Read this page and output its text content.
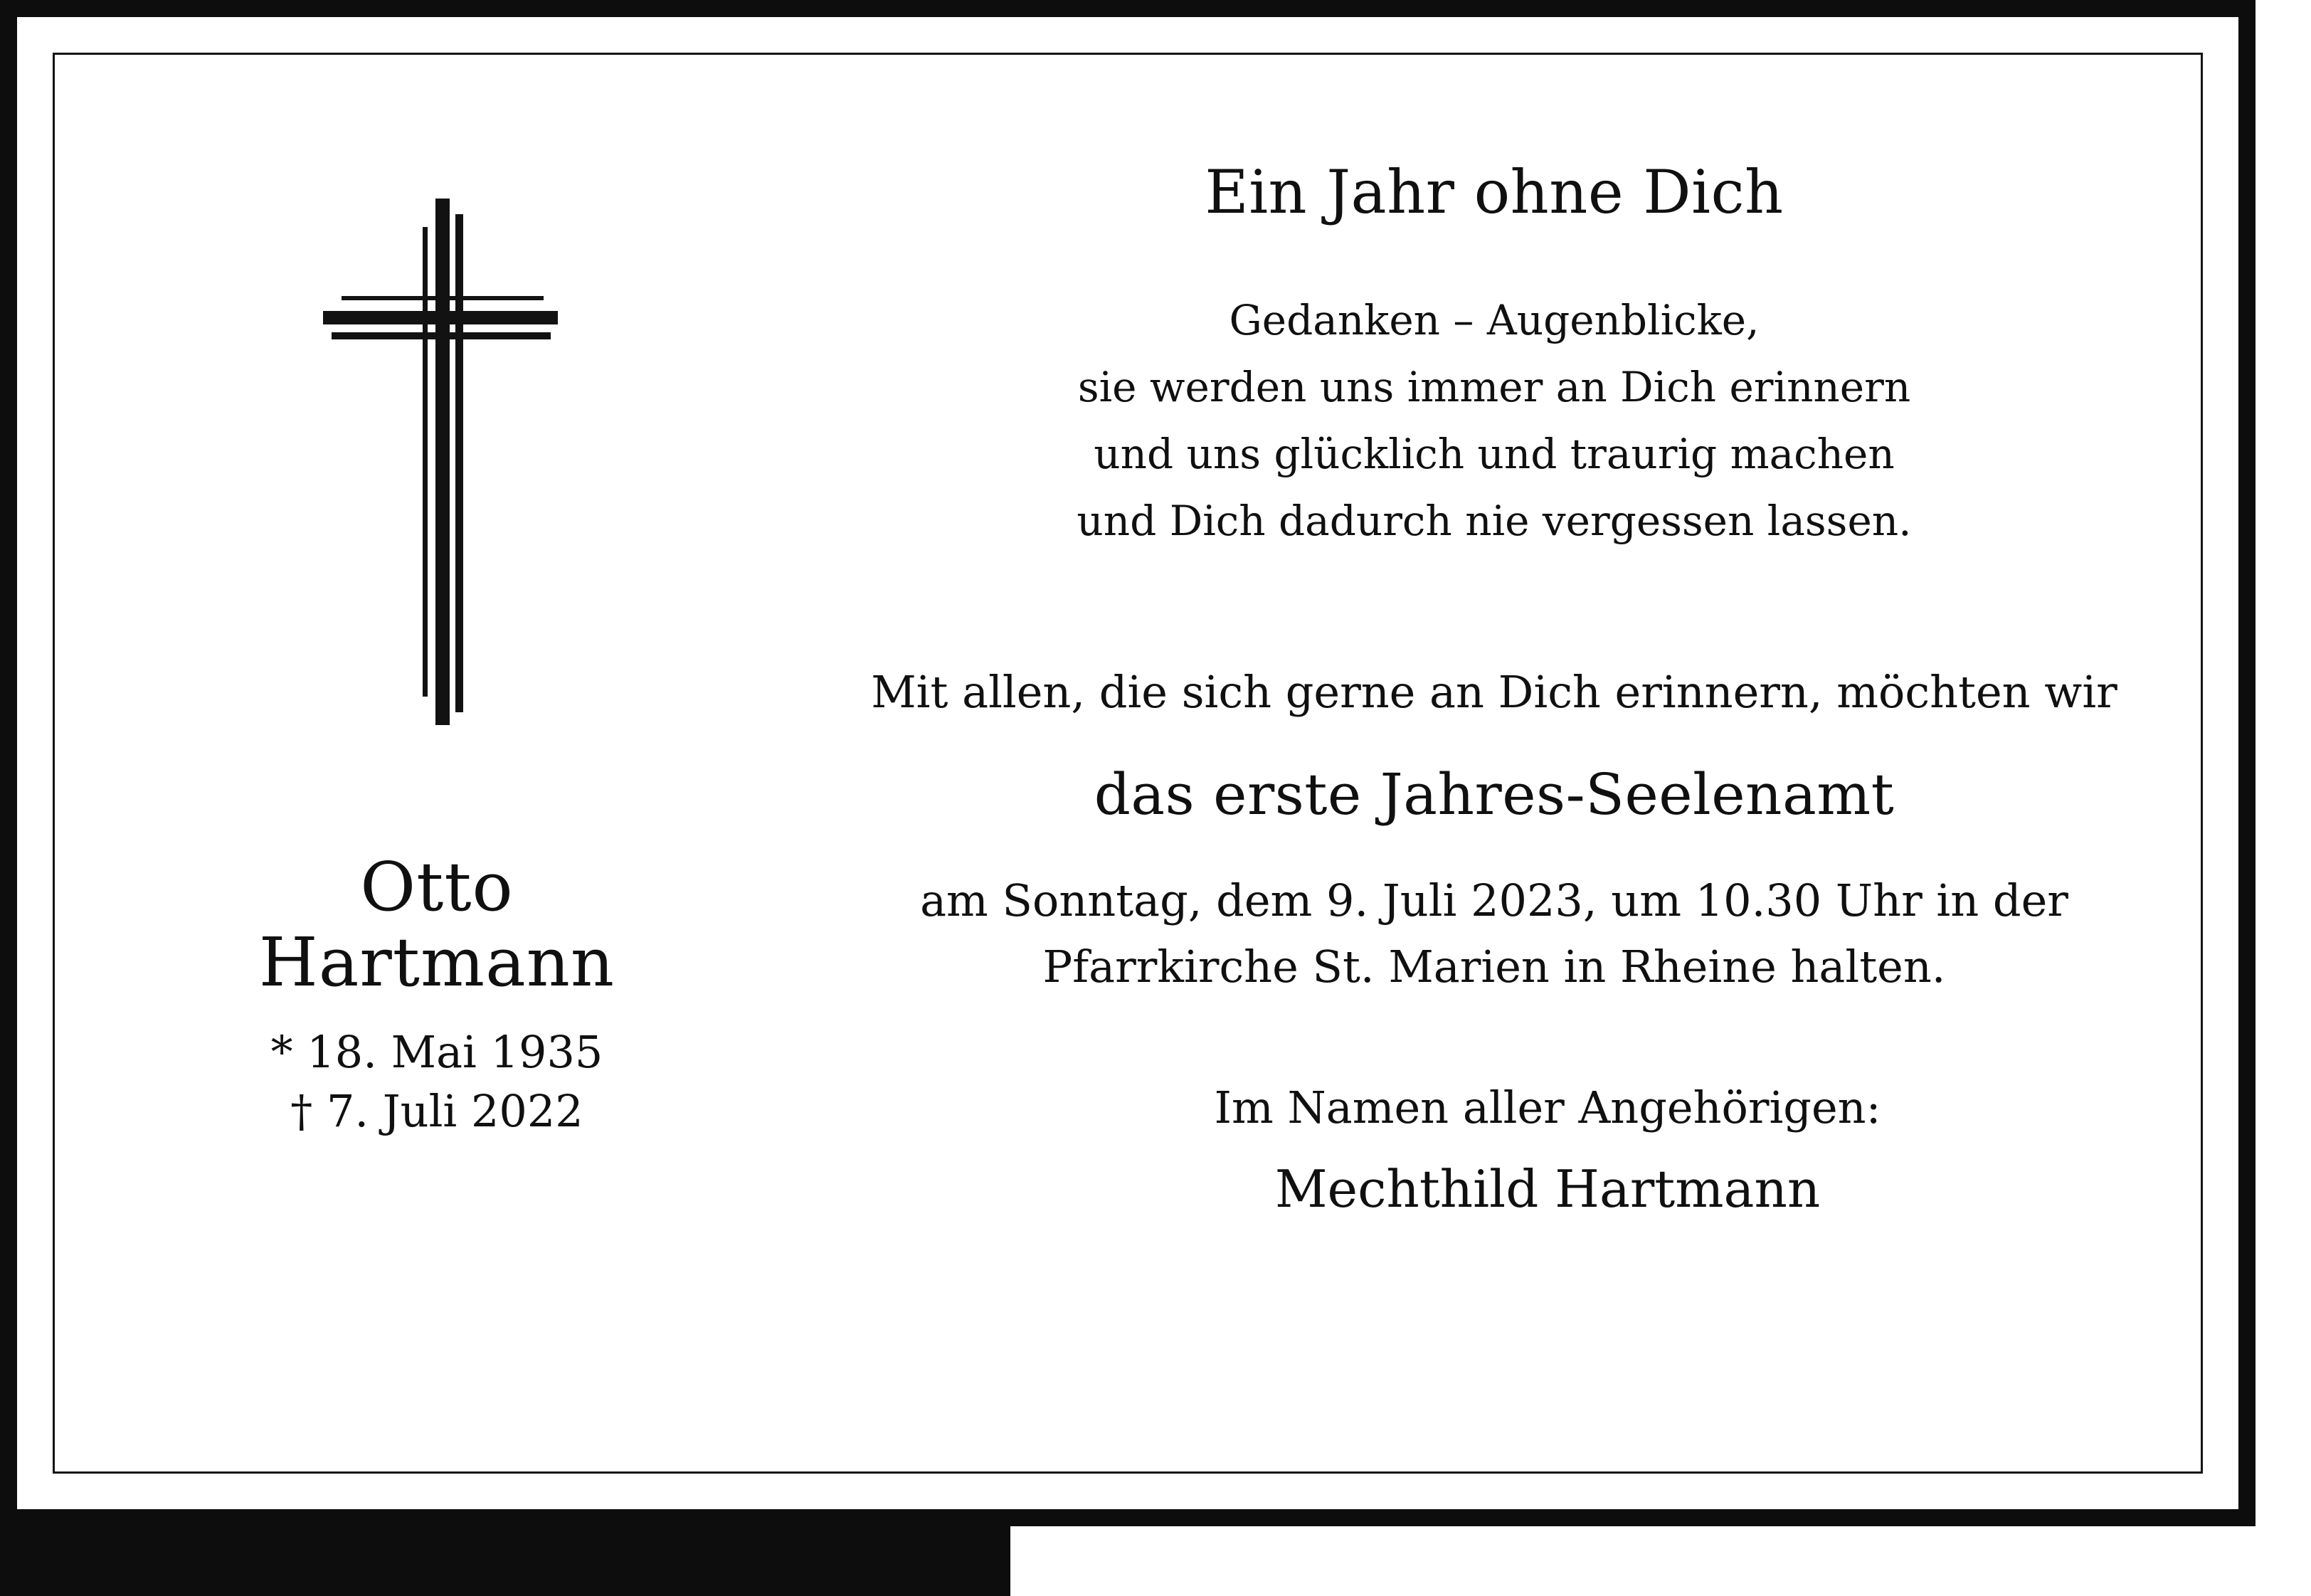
Otto
Hartmann
* 18. Mai 1935
† 7. Juli 2022
Ein Jahr ohne Dich
Gedanken – Augenblicke,
sie werden uns immer an Dich erinnern
und uns glücklich und traurig machen
und Dich dadurch nie vergessen lassen.
Mit allen, die sich gerne an Dich erinnern, möchten wir
das erste Jahres-Seelenamt
am Sonntag, dem 9. Juli 2023, um 10.30 Uhr in der
Pfarrkirche St. Marien in Rheine halten.
Im Namen aller Angehörigen:
Mechthild Hartmann
